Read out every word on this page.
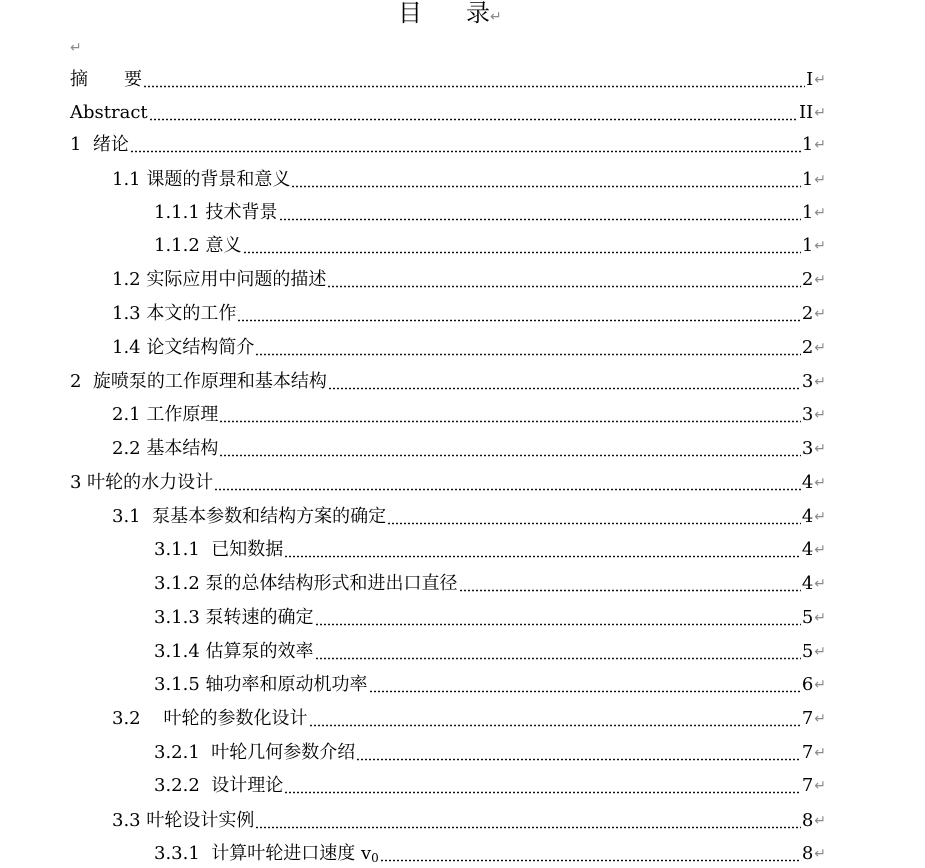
目 录↵
↵
摘　　要	I ↵
Abstract	II ↵
1  绪论	1 ↵
1.1 课题的背景和意义	1 ↵
1.1.1 技术背景	1 ↵
1.1.2 意义	1 ↵
1.2 实际应用中问题的描述	2 ↵
1.3 本文的工作	2 ↵
1.4 论文结构简介	2 ↵
2  旋喷泵的工作原理和基本结构	3 ↵
2.1 工作原理	3 ↵
2.2 基本结构	3 ↵
3 叶轮的水力设计	4 ↵
3.1  泵基本参数和结构方案的确定	4 ↵
3.1.1  已知数据	4 ↵
3.1.2 泵的总体结构形式和进出口直径	4 ↵
3.1.3 泵转速的确定	5 ↵
3.1.4 估算泵的效率	5 ↵
3.1.5 轴功率和原动机功率	6 ↵
3.2    叶轮的参数化设计	7 ↵
3.2.1  叶轮几何参数介绍	7 ↵
3.2.2  设计理论	7 ↵
3.3 叶轮设计实例	8 ↵
3.3.1  计算叶轮进口速度 $v_0$	8 ↵
